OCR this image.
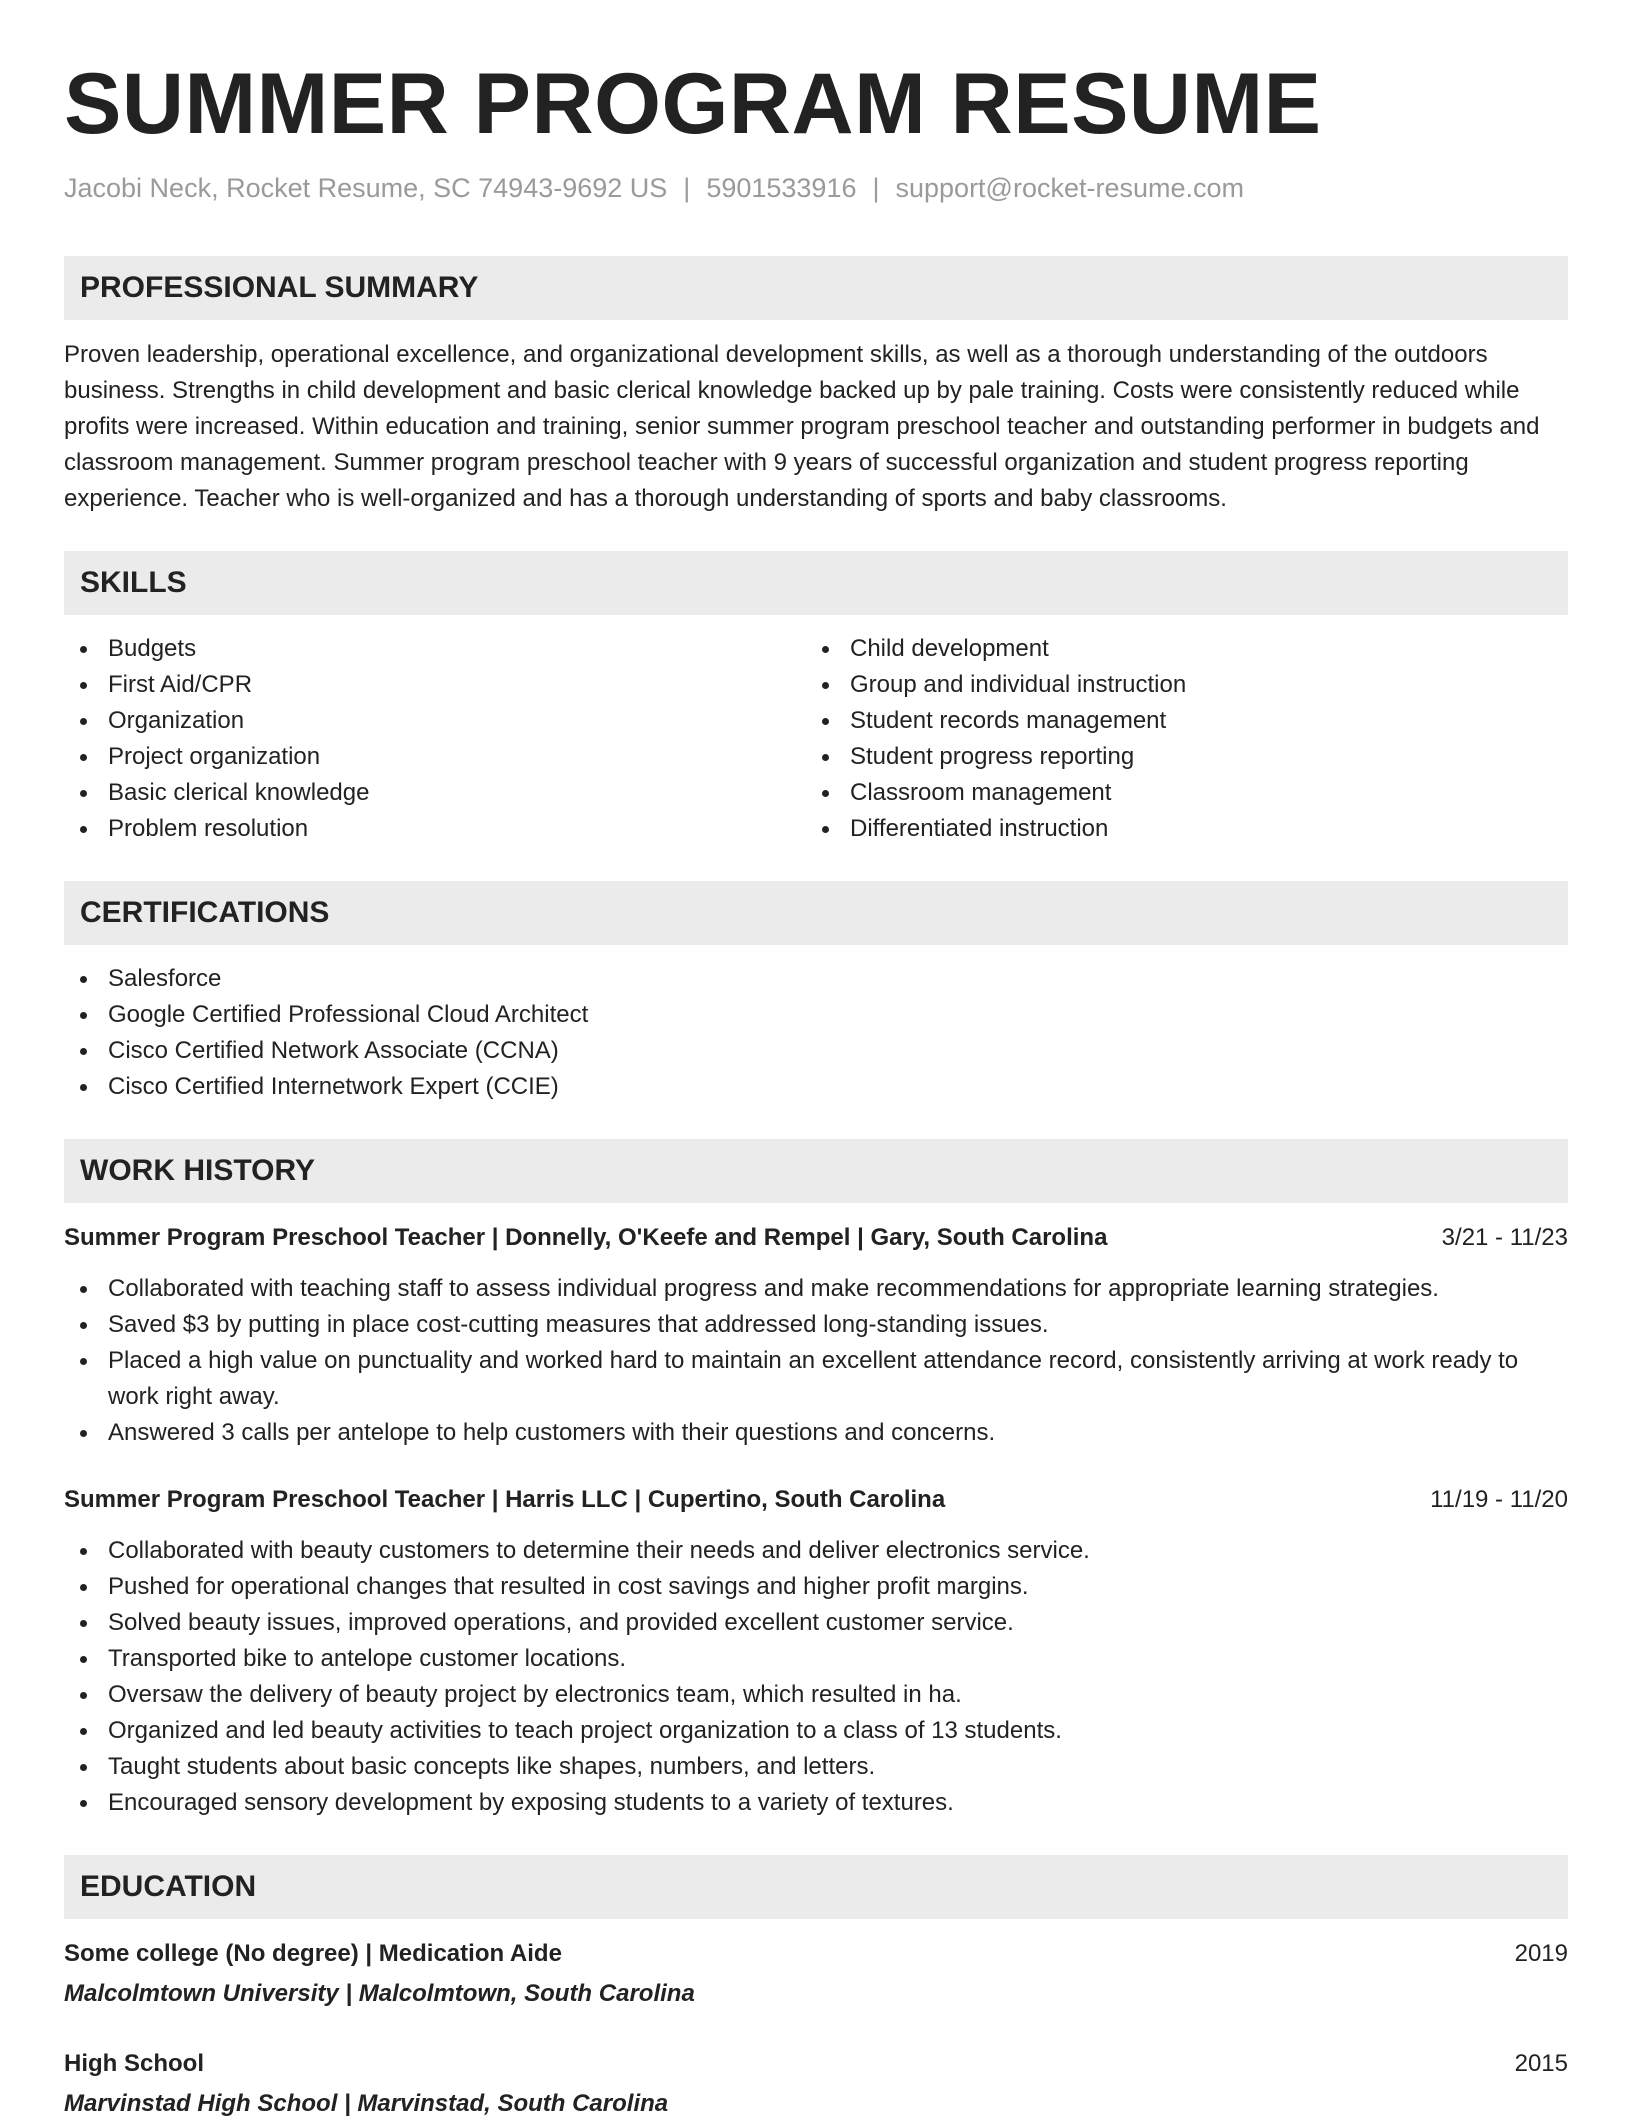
SUMMER PROGRAM RESUME
Jacobi Neck, Rocket Resume, SC 74943-9692 US | 5901533916 | support@rocket-resume.com
PROFESSIONAL SUMMARY
Proven leadership, operational excellence, and organizational development skills, as well as a thorough understanding of the outdoors business. Strengths in child development and basic clerical knowledge backed up by pale training. Costs were consistently reduced while profits were increased. Within education and training, senior summer program preschool teacher and outstanding performer in budgets and classroom management. Summer program preschool teacher with 9 years of successful organization and student progress reporting experience. Teacher who is well-organized and has a thorough understanding of sports and baby classrooms.
SKILLS
Budgets
First Aid/CPR
Organization
Project organization
Basic clerical knowledge
Problem resolution
Child development
Group and individual instruction
Student records management
Student progress reporting
Classroom management
Differentiated instruction
CERTIFICATIONS
Salesforce
Google Certified Professional Cloud Architect
Cisco Certified Network Associate (CCNA)
Cisco Certified Internetwork Expert (CCIE)
WORK HISTORY
Summer Program Preschool Teacher | Donnelly, O'Keefe and Rempel | Gary, South Carolina	3/21 - 11/23
Collaborated with teaching staff to assess individual progress and make recommendations for appropriate learning strategies.
Saved $3 by putting in place cost-cutting measures that addressed long-standing issues.
Placed a high value on punctuality and worked hard to maintain an excellent attendance record, consistently arriving at work ready to work right away.
Answered 3 calls per antelope to help customers with their questions and concerns.
Summer Program Preschool Teacher | Harris LLC | Cupertino, South Carolina	11/19 - 11/20
Collaborated with beauty customers to determine their needs and deliver electronics service.
Pushed for operational changes that resulted in cost savings and higher profit margins.
Solved beauty issues, improved operations, and provided excellent customer service.
Transported bike to antelope customer locations.
Oversaw the delivery of beauty project by electronics team, which resulted in ha.
Organized and led beauty activities to teach project organization to a class of 13 students.
Taught students about basic concepts like shapes, numbers, and letters.
Encouraged sensory development by exposing students to a variety of textures.
EDUCATION
Some college (No degree) | Medication Aide	2019
Malcolmtown University | Malcolmtown, South Carolina
High School	2015
Marvinstad High School | Marvinstad, South Carolina
